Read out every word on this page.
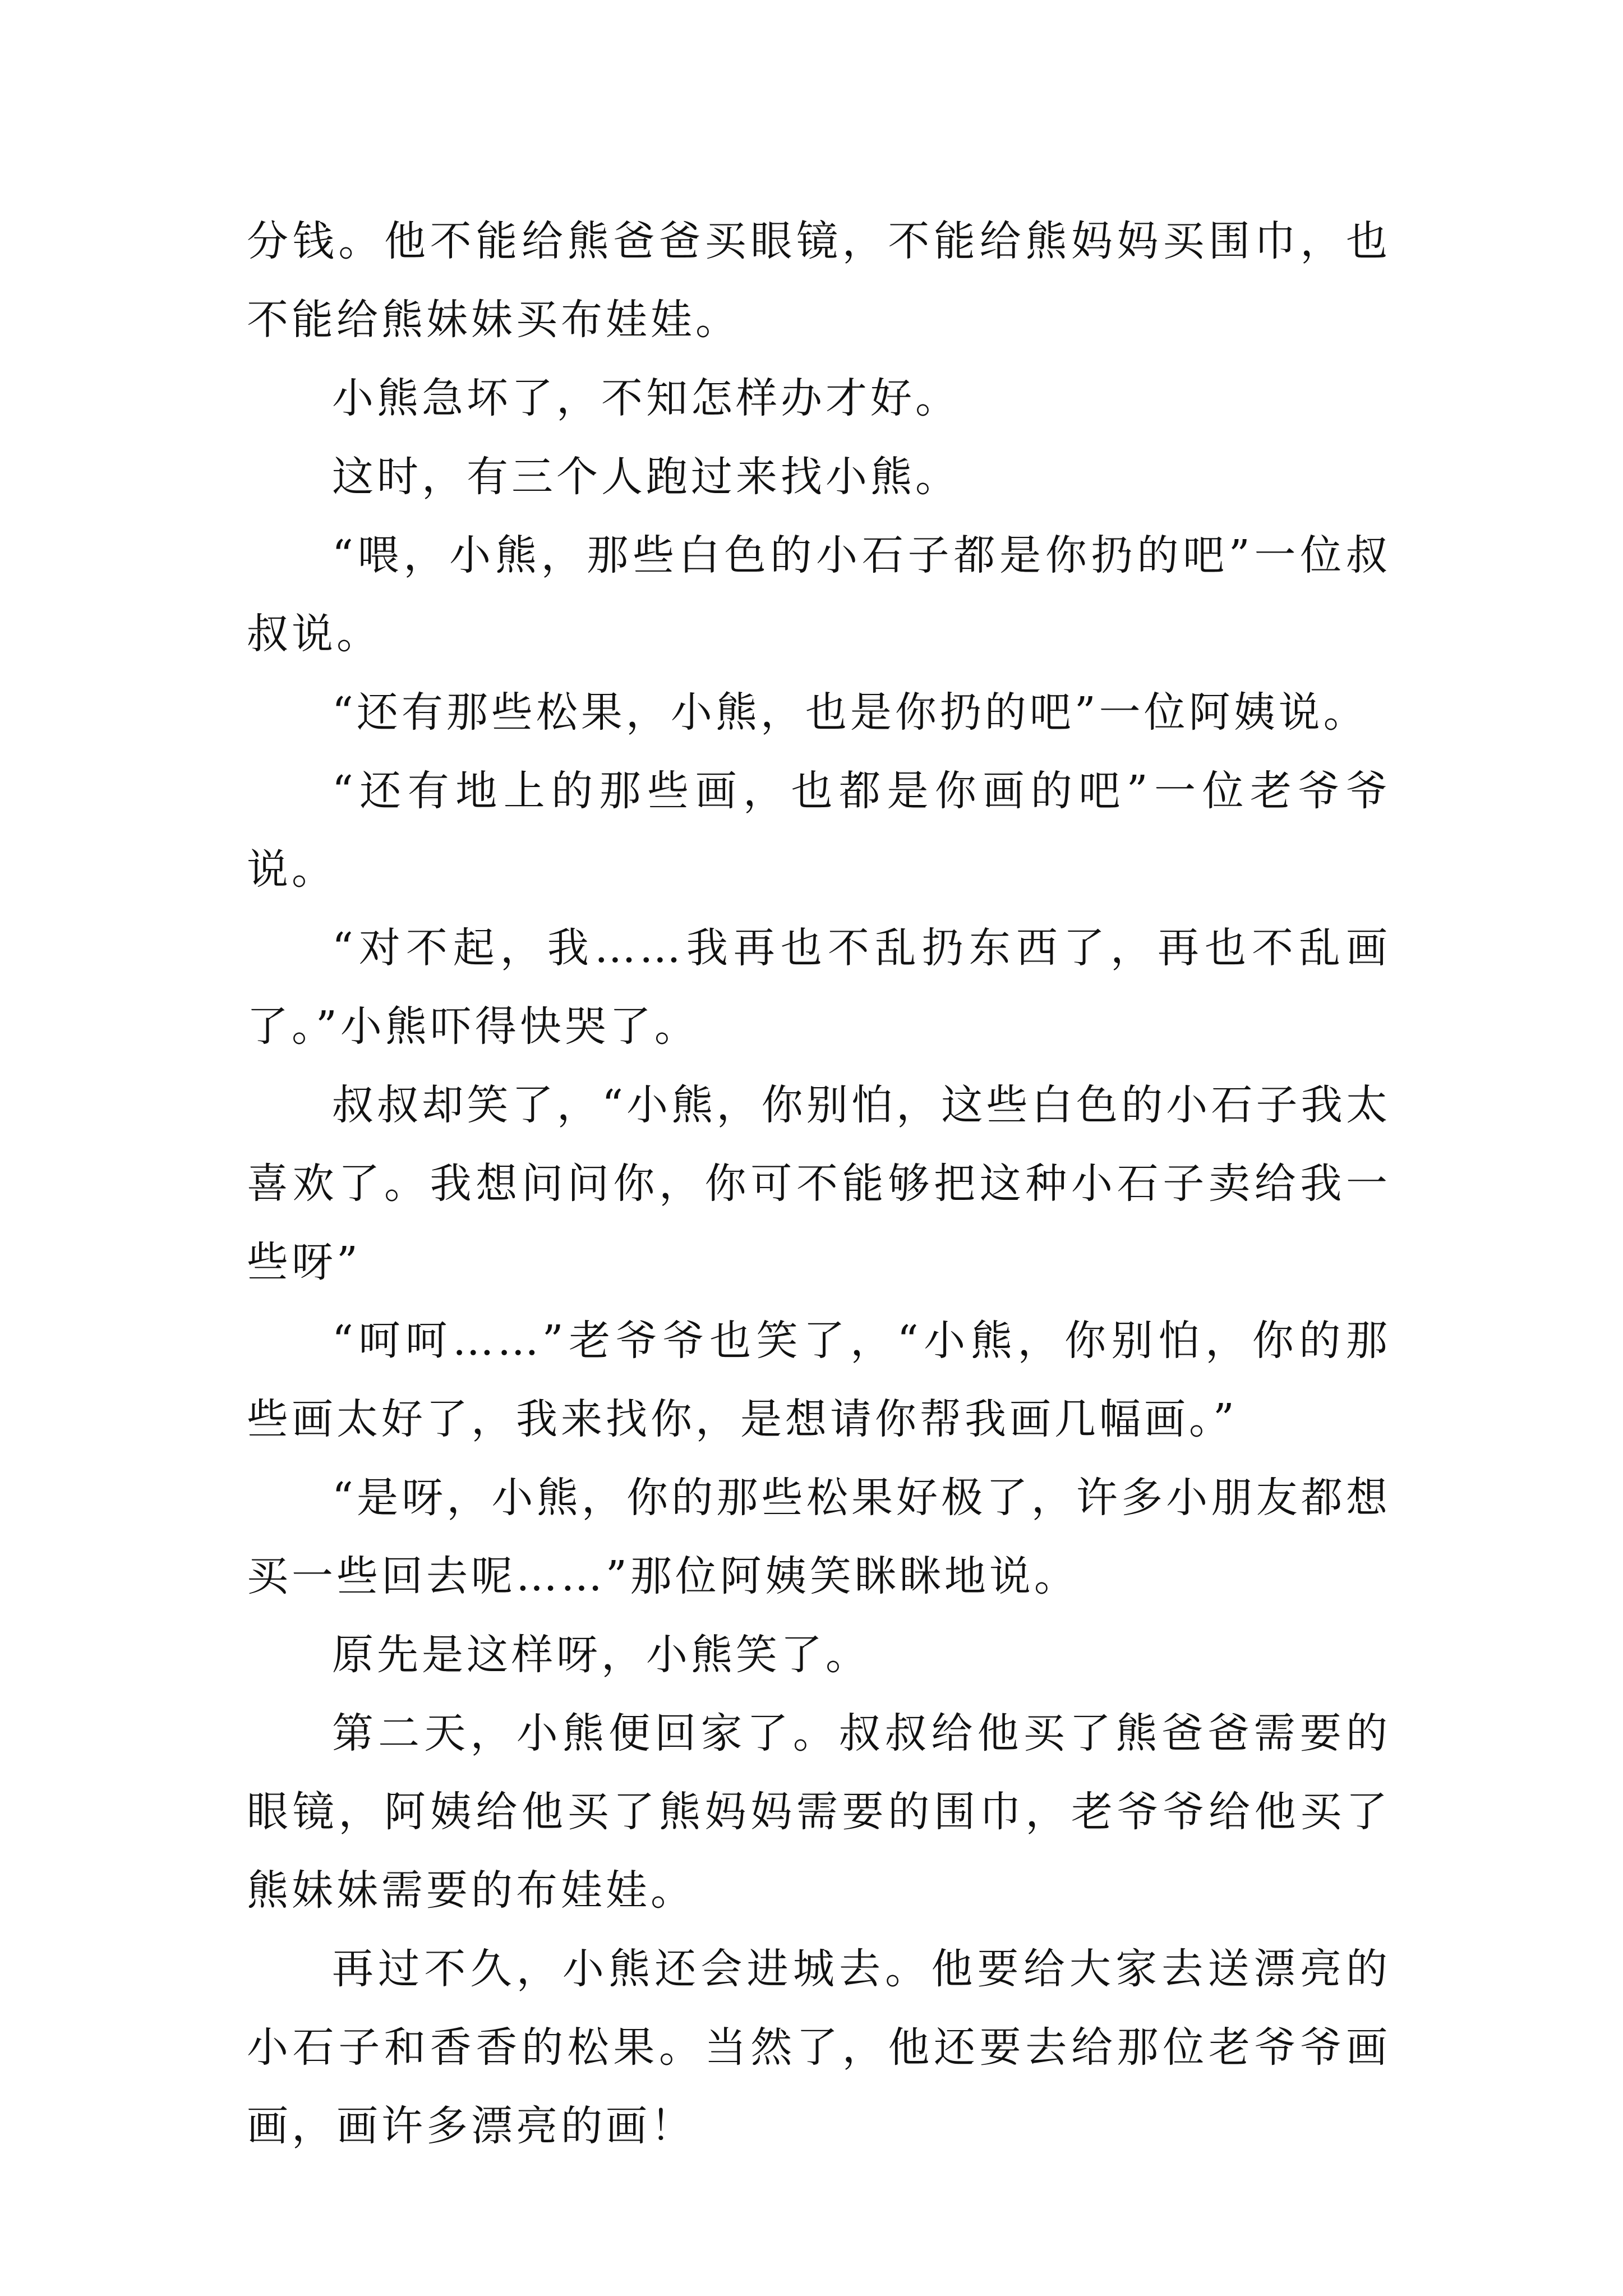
分钱。他不能给熊爸爸买眼镜，不能给熊妈妈买围巾，也不能给熊妹妹买布娃娃。

小熊急坏了，不知怎样办才好。

这时，有三个人跑过来找小熊。

“喂，小熊，那些白色的小石子都是你扔的吧”一位叔叔说。

“还有那些松果，小熊，也是你扔的吧”一位阿姨说。

“还有地上的那些画，也都是你画的吧”一位老爷爷说。

“对不起，我……我再也不乱扔东西了，再也不乱画了。”小熊吓得快哭了。

叔叔却笑了，“小熊，你别怕，这些白色的小石子我太喜欢了。我想问问你，你可不能够把这种小石子卖给我一些呀”

“呵呵……”老爷爷也笑了，“小熊，你别怕，你的那些画太好了，我来找你，是想请你帮我画几幅画。”

“是呀，小熊，你的那些松果好极了，许多小朋友都想买一些回去呢……”那位阿姨笑眯眯地说。

原先是这样呀，小熊笑了。

第二天，小熊便回家了。叔叔给他买了熊爸爸需要的眼镜，阿姨给他买了熊妈妈需要的围巾，老爷爷给他买了熊妹妹需要的布娃娃。

再过不久，小熊还会进城去。他要给大家去送漂亮的小石子和香香的松果。当然了，他还要去给那位老爷爷画画，画许多漂亮的画！
